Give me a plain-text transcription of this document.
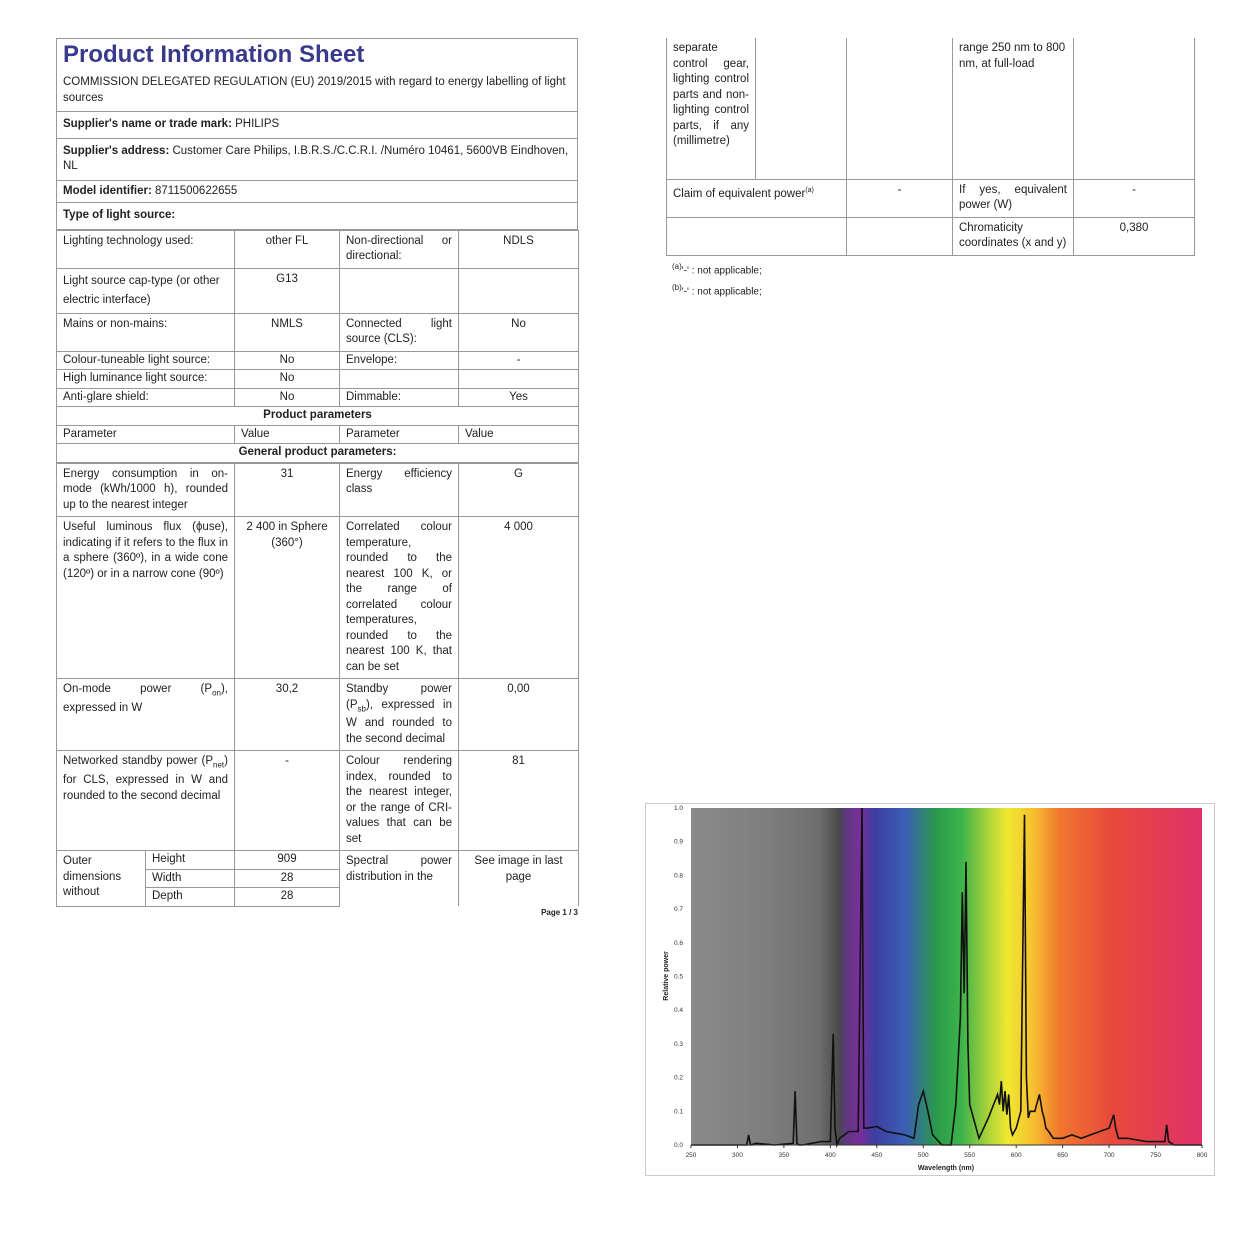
Product Information Sheet

COMMISSION DELEGATED REGULATION (EU) 2019/2015 with regard to energy labelling of light sources
Supplier's name or trade mark: PHILIPS
Supplier's address: Customer Care Philips, I.B.R.S./C.C.R.I. /Numéro 10461, 5600VB Eindhoven, NL
Model identifier: 8711500622655
Type of light source:
Lighting technology used:	other FL	Non-directional or directional:	NDLS
Light source cap-type (or other electric interface)	G13		
Mains or non-mains:	NMLS	Connected light source (CLS):	No
Colour-tuneable light source:	No	Envelope:	-
High luminance light source:	No		
Anti-glare shield:	No	Dimmable:	Yes
Product parameters			
Parameter	Value	Parameter	Value
General product parameters:			
Energy consumption in on-mode (kWh/1000 h), rounded up to the nearest integer		31	Energy efficiency class	G
Useful luminous flux (ϕuse), indicating if it refers to the flux in a sphere (360º), in a wide cone (120º) or in a narrow cone (90º)		2 400 in Sphere (360°)	Correlated colour temperature, rounded to the nearest 100 K, or the range of correlated colour temperatures, rounded to the nearest 100 K, that can be set	4 000
On-mode power $(P_{on})$, expressed in W		30,2	Standby power $(P_{sb})$, expressed in W and rounded to the second decimal	0,00
Networked standby power $(P_{net})$ for CLS, expressed in W and rounded to the second decimal		-	Colour rendering index, rounded to the nearest integer, or the range of CRI-values that can be set	81
Outer dimensions without	Height	909	Spectral power distribution in the	See image in last page
	Width	28		
	Depth	28		
Page 1 / 3
separate control gear, lighting control parts and non-lighting control parts, if any (millimetre)			range 250 nm to 800 nm, at full-load	
Claim of equivalent power$^{(a)}$		-	If yes, equivalent power (W)	-
			Chromaticity coordinates (x and y)	0,380
$^{(a)}$'-' : not applicable;
$^{(b)}$'-' : not applicable;
250	300	350	400	450	500	550	600	650	700	750	800
0.0
0.1
0.2
0.3
0.4
0.5
0.6
0.7
0.8
0.9
1.0
Wavelength (nm)
Relative power
